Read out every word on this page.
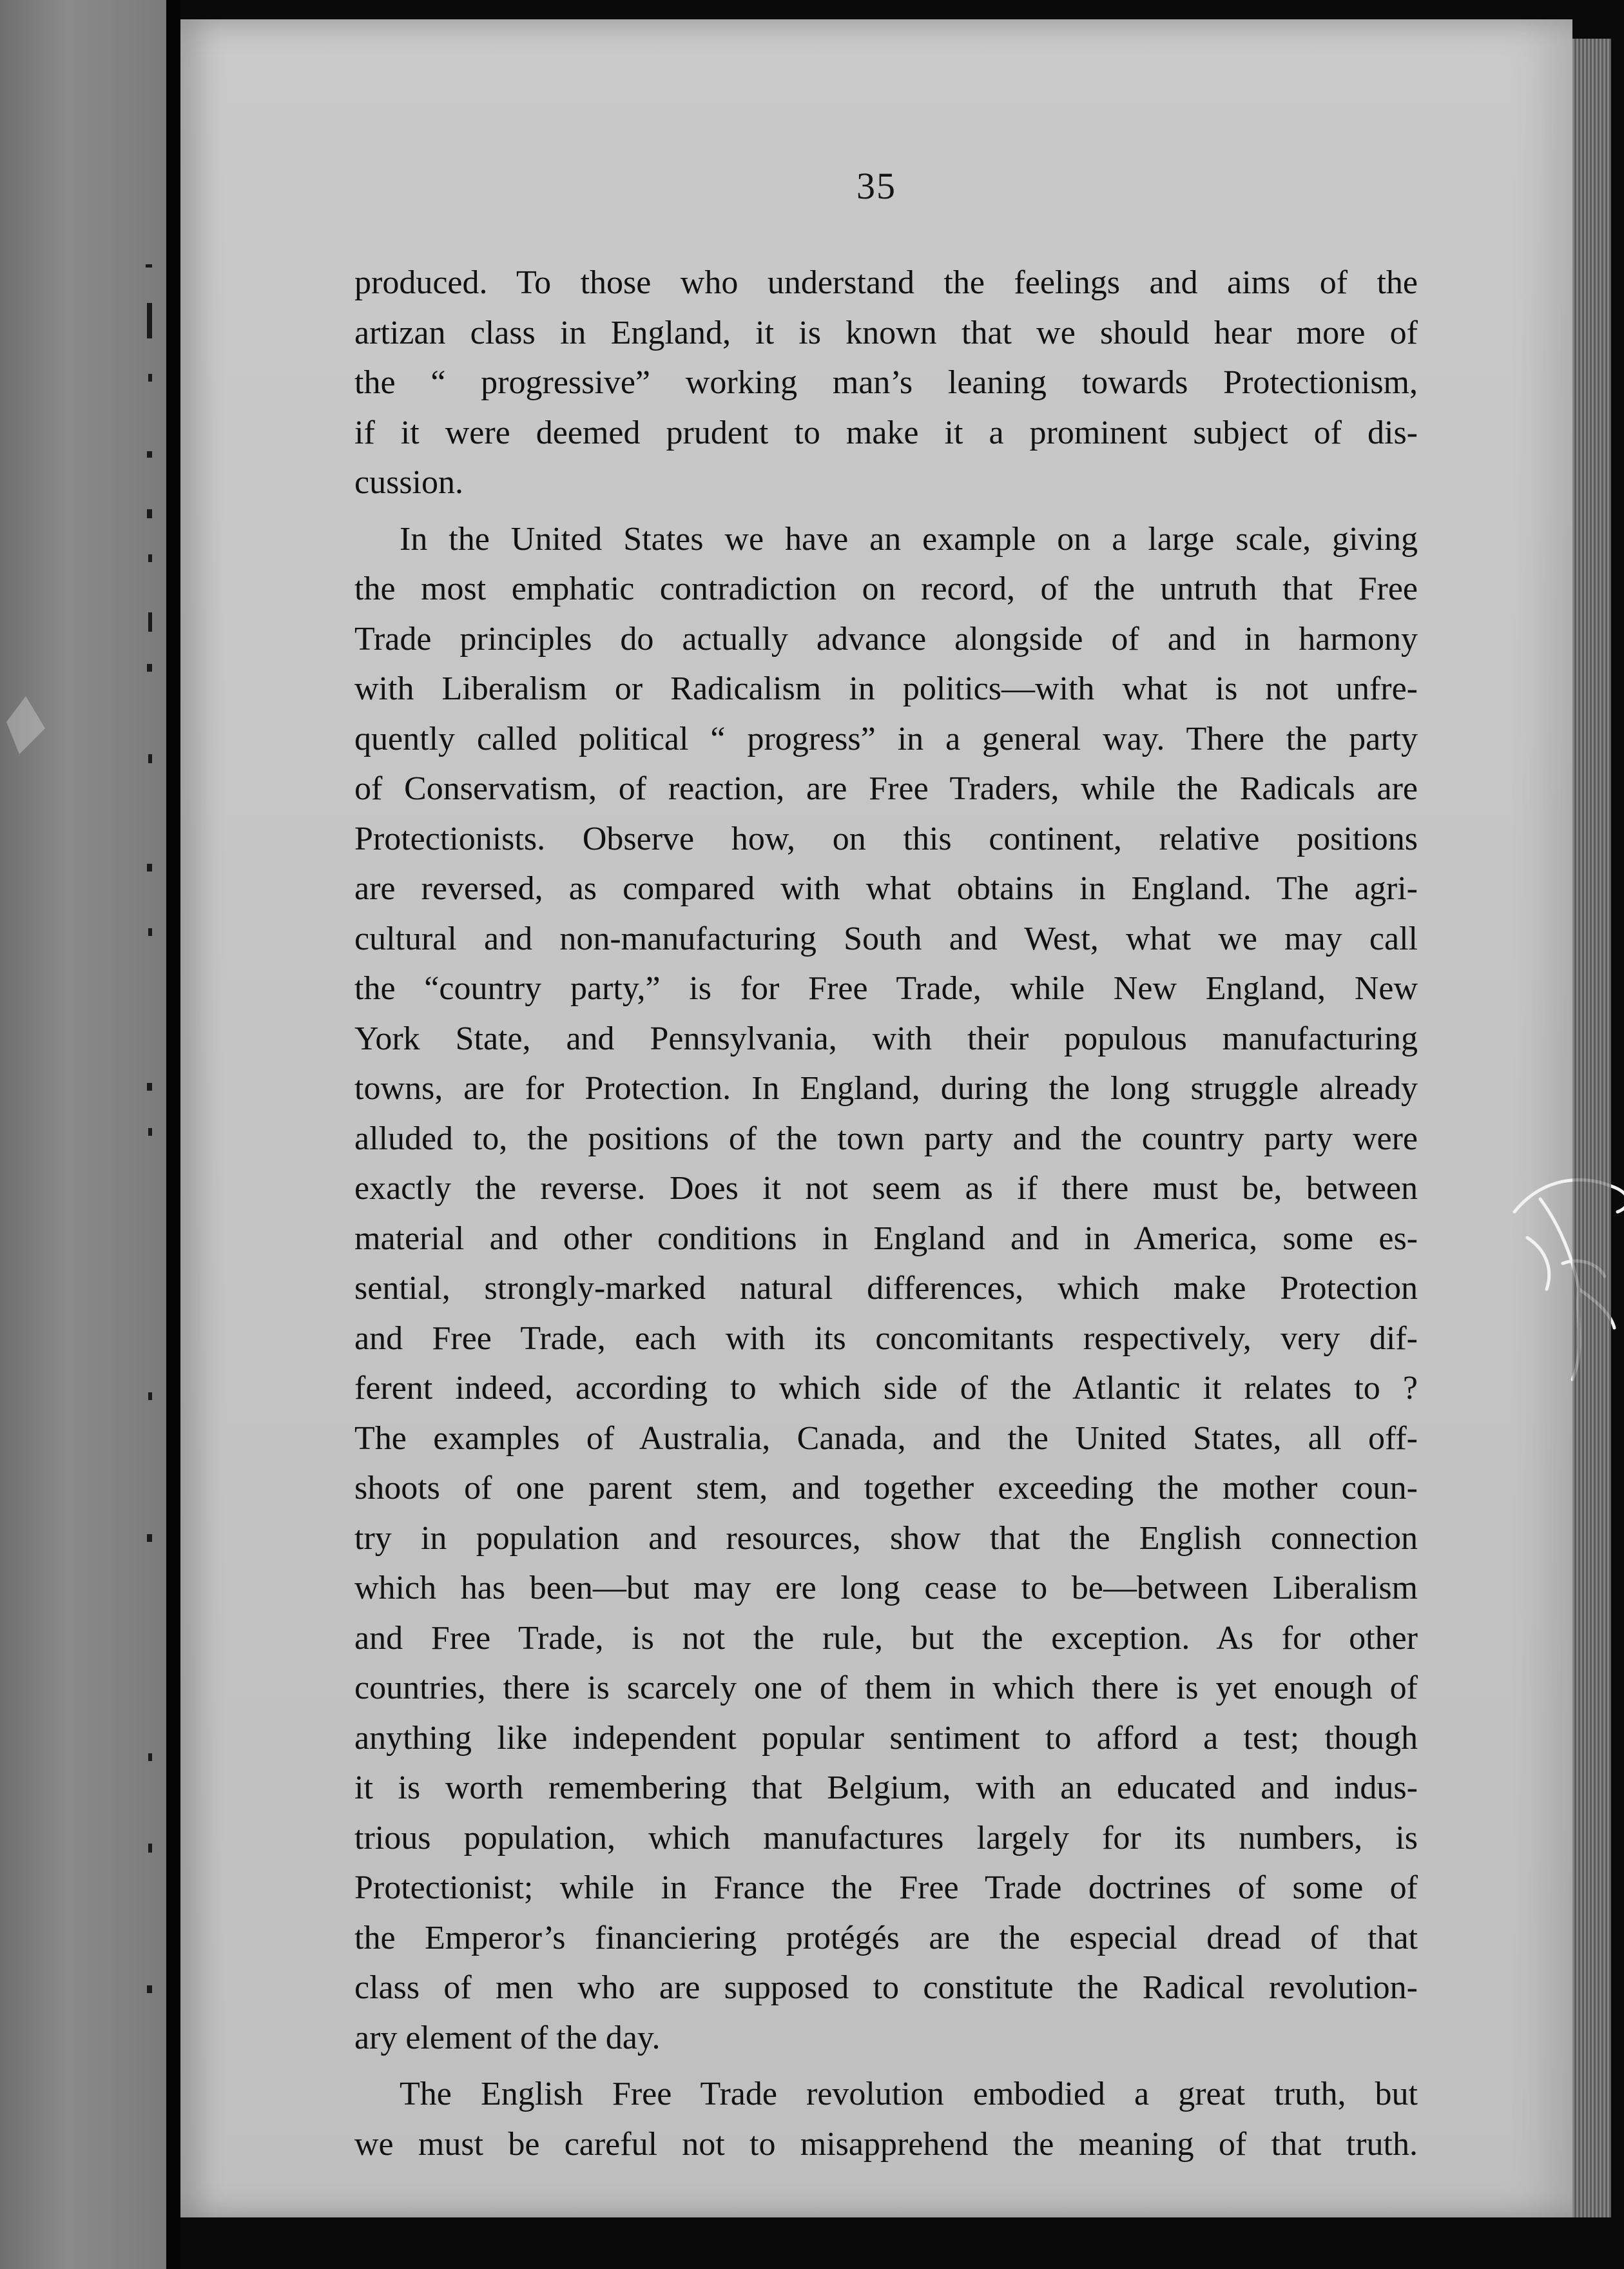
35
produced. To those who understand the feelings and aims of the
artizan class in England, it is known that we should hear more of
the “ progressive” working man’s leaning towards Protectionism,
if it were deemed prudent to make it a prominent subject of dis-
cussion.
In the United States we have an example on a large scale, giving
the most emphatic contradiction on record, of the untruth that Free
Trade principles do actually advance alongside of and in harmony
with Liberalism or Radicalism in politics—with what is not unfre-
quently called political “ progress” in a general way. There the party
of Conservatism, of reaction, are Free Traders, while the Radicals are
Protectionists. Observe how, on this continent, relative positions
are reversed, as compared with what obtains in England. The agri-
cultural and non-manufacturing South and West, what we may call
the “country party,” is for Free Trade, while New England, New
York State, and Pennsylvania, with their populous manufacturing
towns, are for Protection. In England, during the long struggle already
alluded to, the positions of the town party and the country party were
exactly the reverse. Does it not seem as if there must be, between
material and other conditions in England and in America, some es-
sential, strongly-marked natural differences, which make Protection
and Free Trade, each with its concomitants respectively, very dif-
ferent indeed, according to which side of the Atlantic it relates to ?
The examples of Australia, Canada, and the United States, all off-
shoots of one parent stem, and together exceeding the mother coun-
try in population and resources, show that the English connection
which has been—but may ere long cease to be—between Liberalism
and Free Trade, is not the rule, but the exception. As for other
countries, there is scarcely one of them in which there is yet enough of
anything like independent popular sentiment to afford a test; though
it is worth remembering that Belgium, with an educated and indus-
trious population, which manufactures largely for its numbers, is
Protectionist; while in France the Free Trade doctrines of some of
the Emperor’s financiering protégés are the especial dread of that
class of men who are supposed to constitute the Radical revolution-
ary element of the day.
The English Free Trade revolution embodied a great truth, but
we must be careful not to misapprehend the meaning of that truth.
